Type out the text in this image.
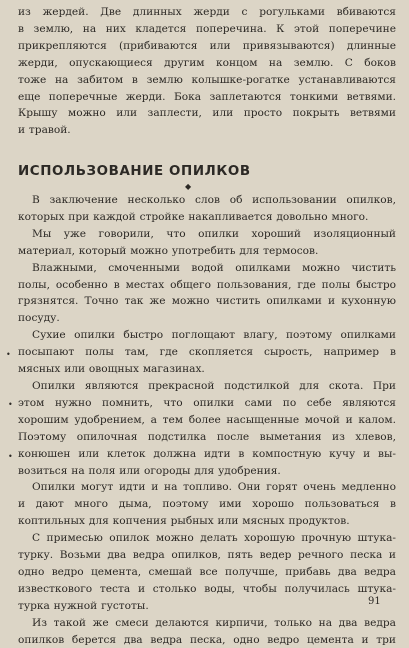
из жердей. Две длинных жерди с рогульками вбиваются
в землю, на них кладется поперечина. К этой поперечине
прикрепляются (прибиваются или привязываются) длинные
жерди, опускающиеся другим концом на землю. С боков
тоже на забитом в землю колышке-рогатке устанавливаются
еще поперечные жерди. Бока заплетаются тонкими ветвями.
Крышу можно или заплести, или просто покрыть ветвями
и травой.
ИСПОЛЬЗОВАНИЕ ОПИЛКОВ
◆
В заключение несколько слов об использовании опилков,
которых при каждой стройке накапливается довольно много.
Мы уже говорили, что опилки хороший изоляционный
материал, который можно употребить для термосов.
Влажными, смоченными водой опилками можно чистить
полы, особенно в местах общего пользования, где полы быстро
грязнятся. Точно так же можно чистить опилками и кухонную
посуду.
Сухие опилки быстро поглощают влагу, поэтому опилками
посыпают полы там, где скопляется сырость, например в
мясных или овощных магазинах.
Опилки являются прекрасной подстилкой для скота. При
этом нужно помнить, что опилки сами по себе являются
хорошим удобрением, а тем более насыщенные мочой и калом.
Поэтому опилочная подстилка после выметания из хлевов,
конюшен или клеток должна идти в компостную кучу и вы-
возиться на поля или огороды для удобрения.
Опилки могут идти и на топливо. Они горят очень медленно
и дают много дыма, поэтому ими хорошо пользоваться в
коптильных для копчения рыбных или мясных продуктов.
С примесью опилок можно делать хорошую прочную штука-
турку. Возьми два ведра опилков, пять ведер речного песка и
одно ведро цемента, смешай все получше, прибавь два ведра
известкового теста и столько воды, чтобы получилась штука-
турка нужной густоты.
Из такой же смеси делаются кирпичи, только на два ведра
опилков берется два ведра песка, одно ведро цемента и три
•
•
•
91
